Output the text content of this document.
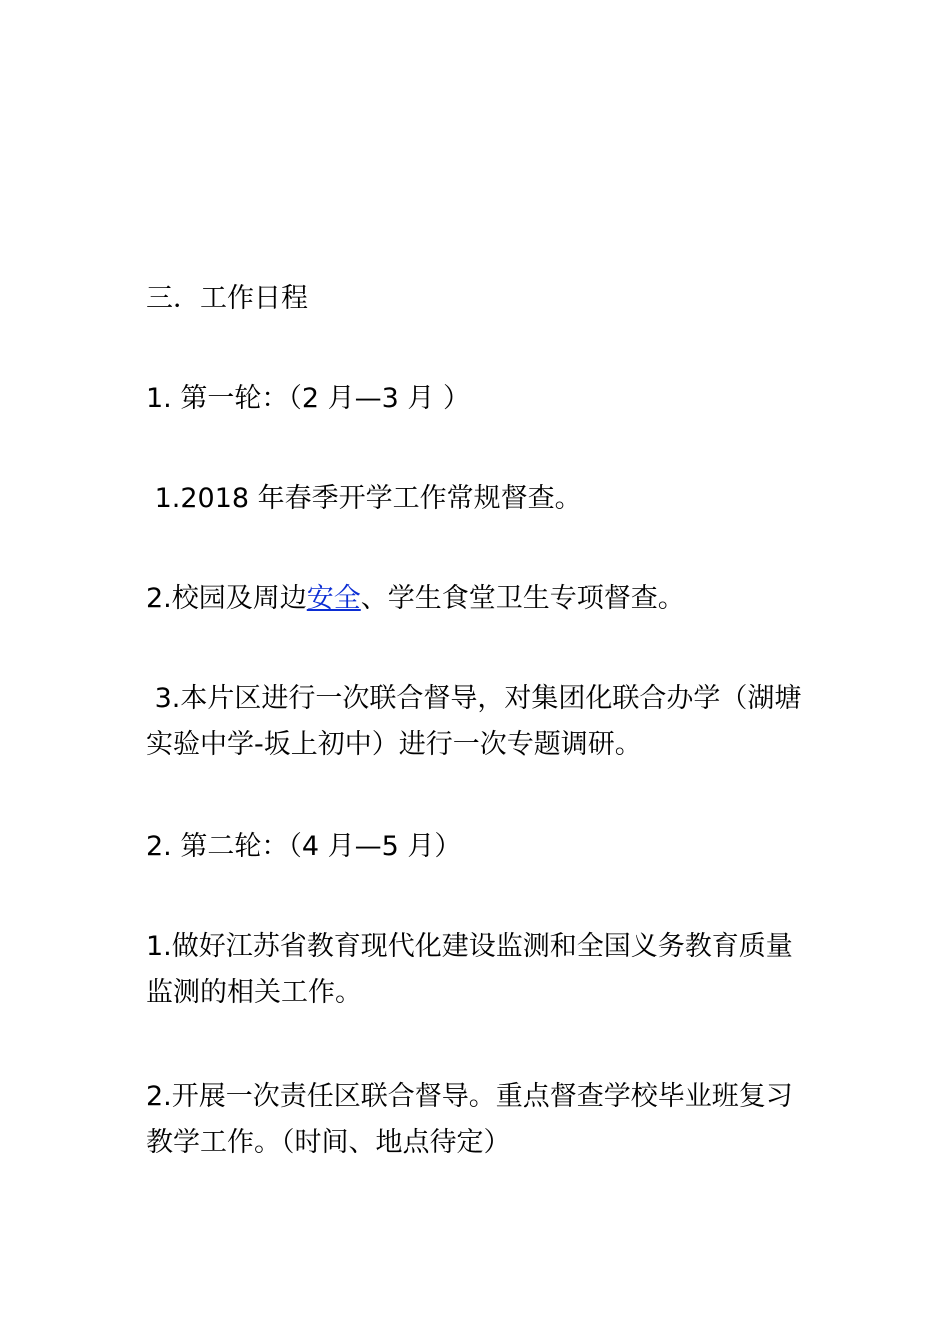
三．工作日程

1. 第一轮：（2 月—3 月 ）

1.2018 年春季开学工作常规督查。

2.校园及周边安全、学生食堂卫生专项督查。

3.本片区进行一次联合督导，对集团化联合办学（湖塘实验中学-坂上初中）进行一次专题调研。

2. 第二轮：（4 月—5 月）

1.做好江苏省教育现代化建设监测和全国义务教育质量监测的相关工作。

2.开展一次责任区联合督导。重点督查学校毕业班复习教学工作。（时间、地点待定）
